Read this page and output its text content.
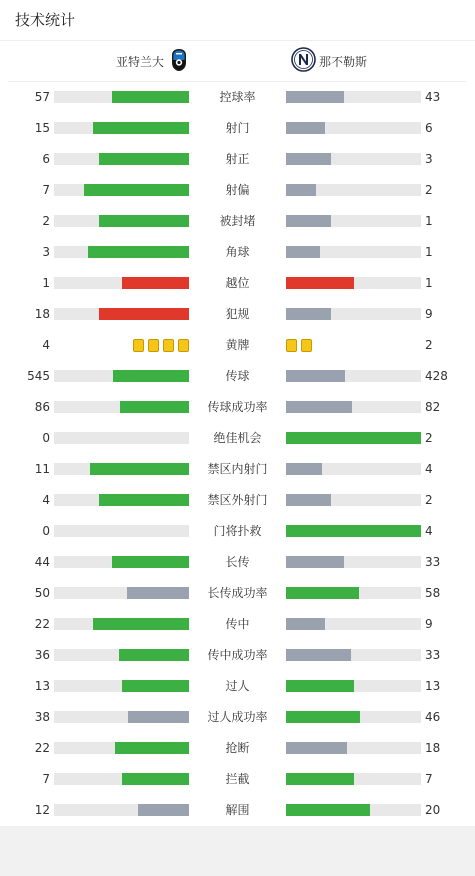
技术统计
亚特兰大	那不勒斯
57	控球率	43
15	射门	6
6	射正	3
7	射偏	2
2	被封堵	1
3	角球	1
1	越位	1
18	犯规	9
4	黄牌	2
545	传球	428
86	传球成功率	82
0	绝佳机会	2
11	禁区内射门	4
4	禁区外射门	2
0	门将扑救	4
44	长传	33
50	长传成功率	58
22	传中	9
36	传中成功率	33
13	过人	13
38	过人成功率	46
22	抢断	18
7	拦截	7
12	解围	20
